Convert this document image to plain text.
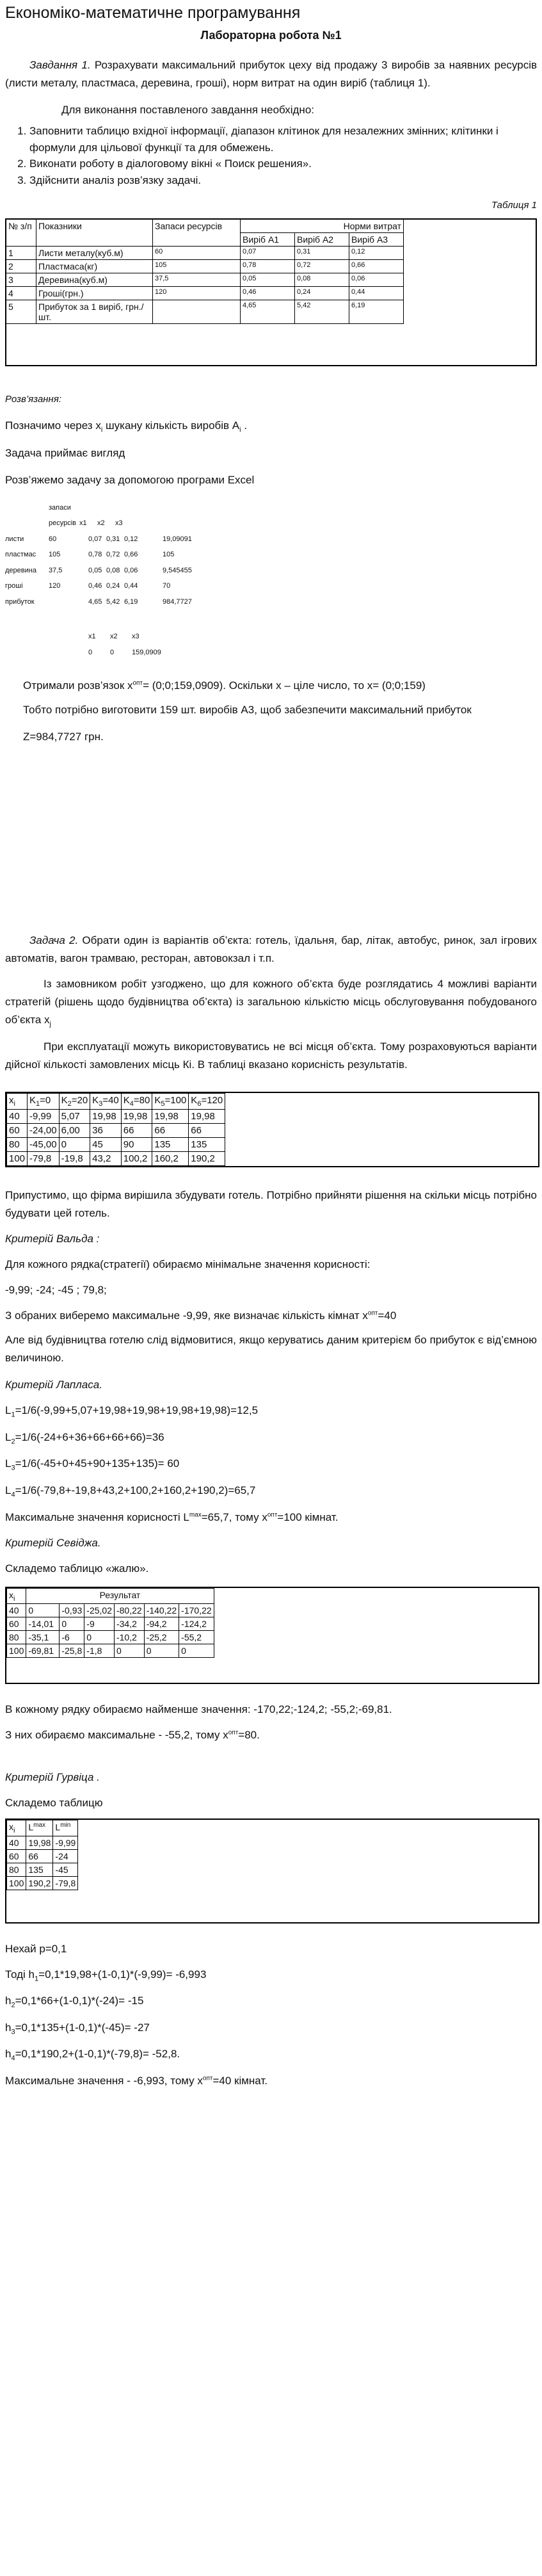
Економіко-математичне програмування
Лабораторна робота №1

Завдання 1. Розрахувати максимальний прибуток цеху від продажу 3 виробів за наявних ресурсів (листи металу, пластмаса, деревина, гроші), норм витрат на один виріб (таблиця 1).

Для виконання поставленого завдання необхідно:

1. Заповнити таблицю вхідної інформації, діапазон клітинок для незалежних змінних; клітинки і формули для цільової функції та для обмежень.
2. Виконати роботу в діалоговому вікні « Поиск решения».
3. Здійснити аналіз розв’язку задачі.
Таблиця 1
№ з/п	Показники	Запаси ресурсів	Норми витрат			
			Виріб А1	Виріб А2	Виріб А3	
1	Листи металу(куб.м)	60	0,07	0,31	0,12	
2	Пластмаса(кг)	105	0,78	0,72	0,66	
3	Деревина(куб.м)	37,5	0,05	0,08	0,06	
4	Гроші(грн.)	120	0,46	0,24	0,44	
5	Прибуток за 1 виріб, грн./шт.		4,65	5,42	6,19	

Розв’язання:

Позначимо через $x_i$ шукану кількість виробів $A_i$ .

Задача приймає вигляд

Розв’яжемо задачу за допомогою програми Excel

запаси
ресурсів x1	x2	x3
листи	60	0,07 0,31 0,12	19,09091
пластмас	105	0,78 0,72 0,66	105
деревина	37,5	0,05 0,08 0,06	9,545455
гроші	120	0,46 0,24 0,44	70
прибуток	4,65 5,42 6,19	984,7727
x1	x2	x3
0	0	159,0909

Отримали розв’язок $x^{опт}=$ (0;0;159,0909). Оскільки x – ціле число, то x= (0;0;159)

Тобто потрібно виготовити 159 шт. виробів А3, щоб забезпечити максимальний прибуток

Z=984,7727 грн.

Задача 2. Обрати один із варіантів об’єкта: готель, їдальня, бар, літак, автобус, ринок, зал ігрових автоматів, вагон трамваю, ресторан, автовокзал і т.п.

Із замовником робіт узгоджено, що для кожного об’єкта буде розглядатись 4 можливі варіанти стратегій (рішень щодо будівництва об’єкта) із загальною кількістю місць обслуговування побудованого об’єкта $x_j$

При експлуатації можуть використовуватись не всі місця об’єкта. Тому розраховуються варіанти дійсної кількості замовлених місць Кі. В таблиці вказано корисність результатів.

$x_i$	$K_1=0$	$K_2=20$	$K_3=40$	$K_4=80$	$K_5=100$	$K_6=120$
40	-9,99	5,07	19,98	19,98	19,98	19,98
60	-24,00	6,00	36	66	66	66
80	-45,00	0	45	90	135	135
100	-79,8	-19,8	43,2	100,2	160,2	190,2

Припустимо, що фірма вирішила збудувати готель. Потрібно прийняти рішення на скільки місць потрібно будувати цей готель.

Критерій Вальда :

Для кожного рядка(стратегії) обираємо мінімальне значення корисності:

-9,99; -24; -45 ; 79,8;

З обраних виберемо максимальне -9,99, яке визначає кількість кімнат $x^{опт}=40$

Але від будівництва готелю слід відмовитися, якщо керуватись даним критерієм бо прибуток є від’ємною величиною.

Критерій Лапласа.

$L_1=1/6(-9,99+5,07+19,98+19,98+19,98+19,98)=12,5$

$L_2=1/6(-24+6+36+66+66+66)=36$

$L_3=1/6(-45+0+45+90+135+135)= 60$

$L_4=1/6(-79,8+-19,8+43,2+100,2+160,2+190,2)=65,7$

Максимальне значення корисності $L^{max}=65,7$, тому $x^{опт}=100$ кімнат.

Критерій Севіджа.

Складемо таблицю «жалю».

$x_i$	Результат					
40	0	-0,93	-25,02	-80,22	-140,22	-170,22
60	-14,01	0	-9	-34,2	-94,2	-124,2
80	-35,1	-6	0	-10,2	-25,2	-55,2
100	-69,81	-25,8	-1,8	0	0	0

В кожному рядку обираємо найменше значення: -170,22;-124,2; -55,2;-69,81.

З них обираємо максимальне - -55,2, тому $x^{опт}=80$.

Критерій Гурвіца .

Складемо таблицю

$x_i$	$L^{max}$	$L^{min}$
40	19,98	-9,99
60	66	-24
80	135	-45
100	190,2	-79,8

Нехай p=0,1

Тоді $h_1=0,1*19,98+(1-0,1)*(-9,99)= -6,993$

$h_2=0,1*66+(1-0,1)*(-24)= -15$

$h_3=0,1*135+(1-0,1)*(-45)= -27$

$h_4=0,1*190,2+(1-0,1)*(-79,8)= -52,8$.

Максимальне значення - -6,993, тому $x^{опт}=40$ кімнат.
